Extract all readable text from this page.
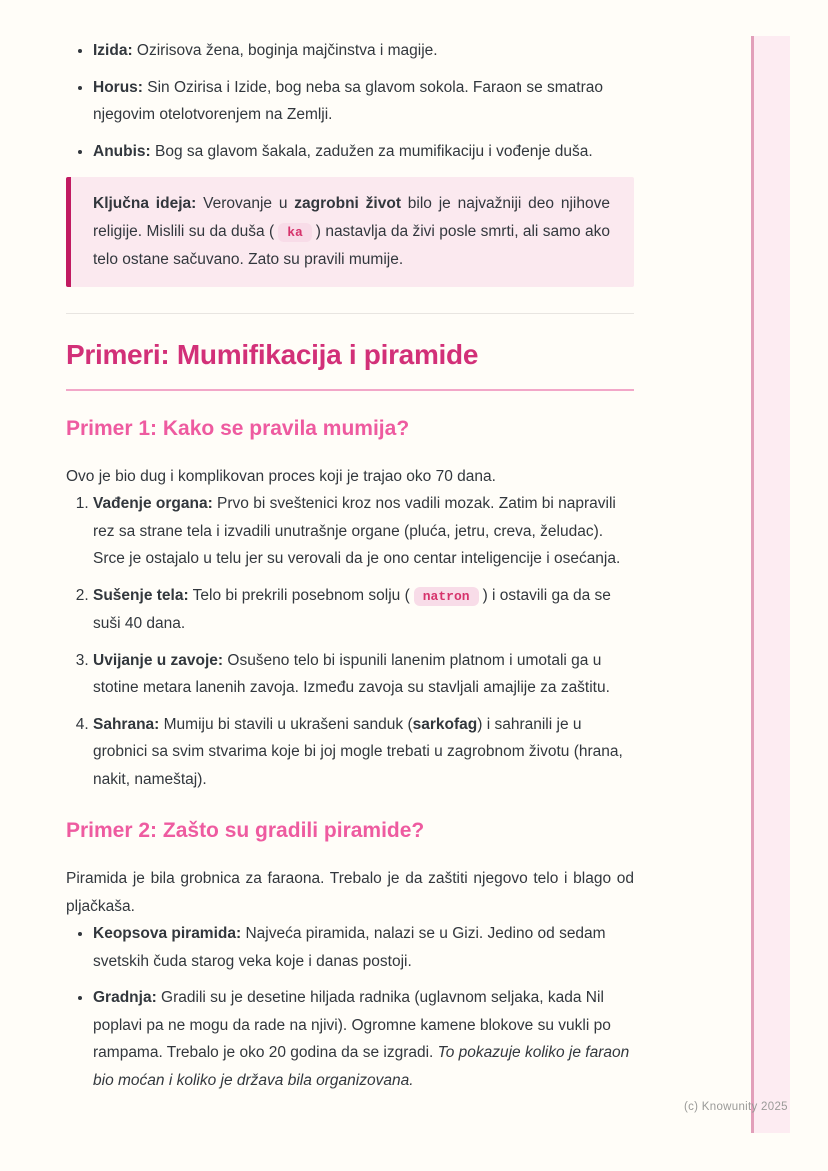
• Izida: Ozirisova žena, boginja majčinstva i magije.
• Horus: Sin Ozirisa i Izide, bog neba sa glavom sokola. Faraon se smatrao njegovim otelotvorenjem na Zemlji.
• Anubis: Bog sa glavom šakala, zadužen za mumifikaciju i vođenje duša.
Ključna ideja: Verovanje u zagrobni život bilo je najvažniji deo njihove religije. Mislili su da duša ( ka ) nastavlja da živi posle smrti, ali samo ako telo ostane sačuvano. Zato su pravili mumije.
Primeri: Mumifikacija i piramide
Primer 1: Kako se pravila mumija?

Ovo je bio dug i komplikovan proces koji je trajao oko 70 dana.

1. Vađenje organa: Prvo bi sveštenici kroz nos vadili mozak. Zatim bi napravili rez sa strane tela i izvadili unutrašnje organe (pluća, jetru, creva, želudac). Srce je ostajalo u telu jer su verovali da je ono centar inteligencije i osećanja.
2. Sušenje tela: Telo bi prekrili posebnom solju ( natron ) i ostavili ga da se suši 40 dana.
3. Uvijanje u zavoje: Osušeno telo bi ispunili lanenim platnom i umotali ga u stotine metara lanenih zavoja. Između zavoja su stavljali amajlije za zaštitu.
4. Sahrana: Mumiju bi stavili u ukrašeni sanduk (sarkofag) i sahranili je u grobnici sa svim stvarima koje bi joj mogle trebati u zagrobnom životu (hrana, nakit, nameštaj).
Primer 2: Zašto su gradili piramide?

Piramida je bila grobnica za faraona. Trebalo je da zaštiti njegovo telo i blago od pljačkaša.

• Keopsova piramida: Najveća piramida, nalazi se u Gizi. Jedino od sedam svetskih čuda starog veka koje i danas postoji.
• Gradnja: Gradili su je desetine hiljada radnika (uglavnom seljaka, kada Nil poplavi pa ne mogu da rade na njivi). Ogromne kamene blokove su vukli po rampama. Trebalo je oko 20 godina da se izgradi. To pokazuje koliko je faraon bio moćan i koliko je država bila organizovana.
(c) Knowunity 2025
